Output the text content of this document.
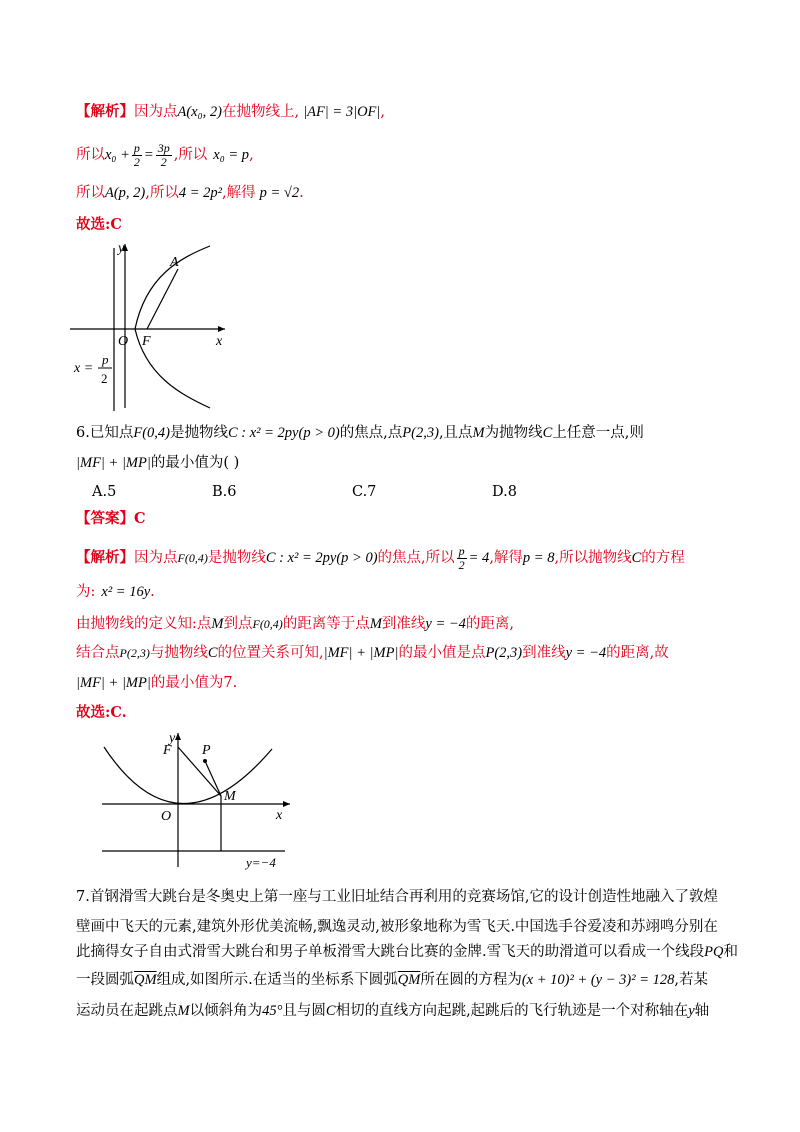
【解析】因为点A(x₀, 2)在抛物线上, |AF| = 3|OF|,
所以$x_0 + \frac{p}{2} = \frac{3p}{2}$ ,所以 x₀ = p,
所以A(p, 2),所以4 = 2p²,解得 p = √2.
故选:C
y
x
A
O F
x =
p
2
6.已知点F(0,4)是抛物线C : x² = 2py(p > 0)的焦点,点P(2,3),且点M为抛物线C上任意一点,则
|MF| + |MP|的最小值为( )
A.5	B.6	C.7	D.8
【答案】C
【解析】因为点F(0,4)是抛物线C : x² = 2py(p > 0)的焦点,所以 $\frac{p}{2} = 4$,解得p = 8,所以抛物线C的方程
为: x² = 16y.
由抛物线的定义知:点M到点F(0,4)的距离等于点M到准线y = −4的距离,
结合点P(2,3)与抛物线C的位置关系可知,|MF| + |MP|的最小值是点P(2,3)到准线y = −4的距离,故
|MF| + |MP|的最小值为7.
故选:C.
y
x
F P
M
O
y=−4
7.首钢滑雪大跳台是冬奥史上第一座与工业旧址结合再利用的竞赛场馆,它的设计创造性地融入了敦煌
壁画中飞天的元素,建筑外形优美流畅,飘逸灵动,被形象地称为雪飞天.中国选手谷爱凌和苏翊鸣分别在
此摘得女子自由式滑雪大跳台和男子单板滑雪大跳台比赛的金牌.雪飞天的助滑道可以看成一个线段PQ和
一段圆弧$\overline{QM}$组成,如图所示.在适当的坐标系下圆弧$\overline{QM}$所在圆的方程为(x + 10)² + (y − 3)² = 128,若某
运动员在起跳点M以倾斜角为45°且与圆C相切的直线方向起跳,起跳后的飞行轨迹是一个对称轴在y轴
